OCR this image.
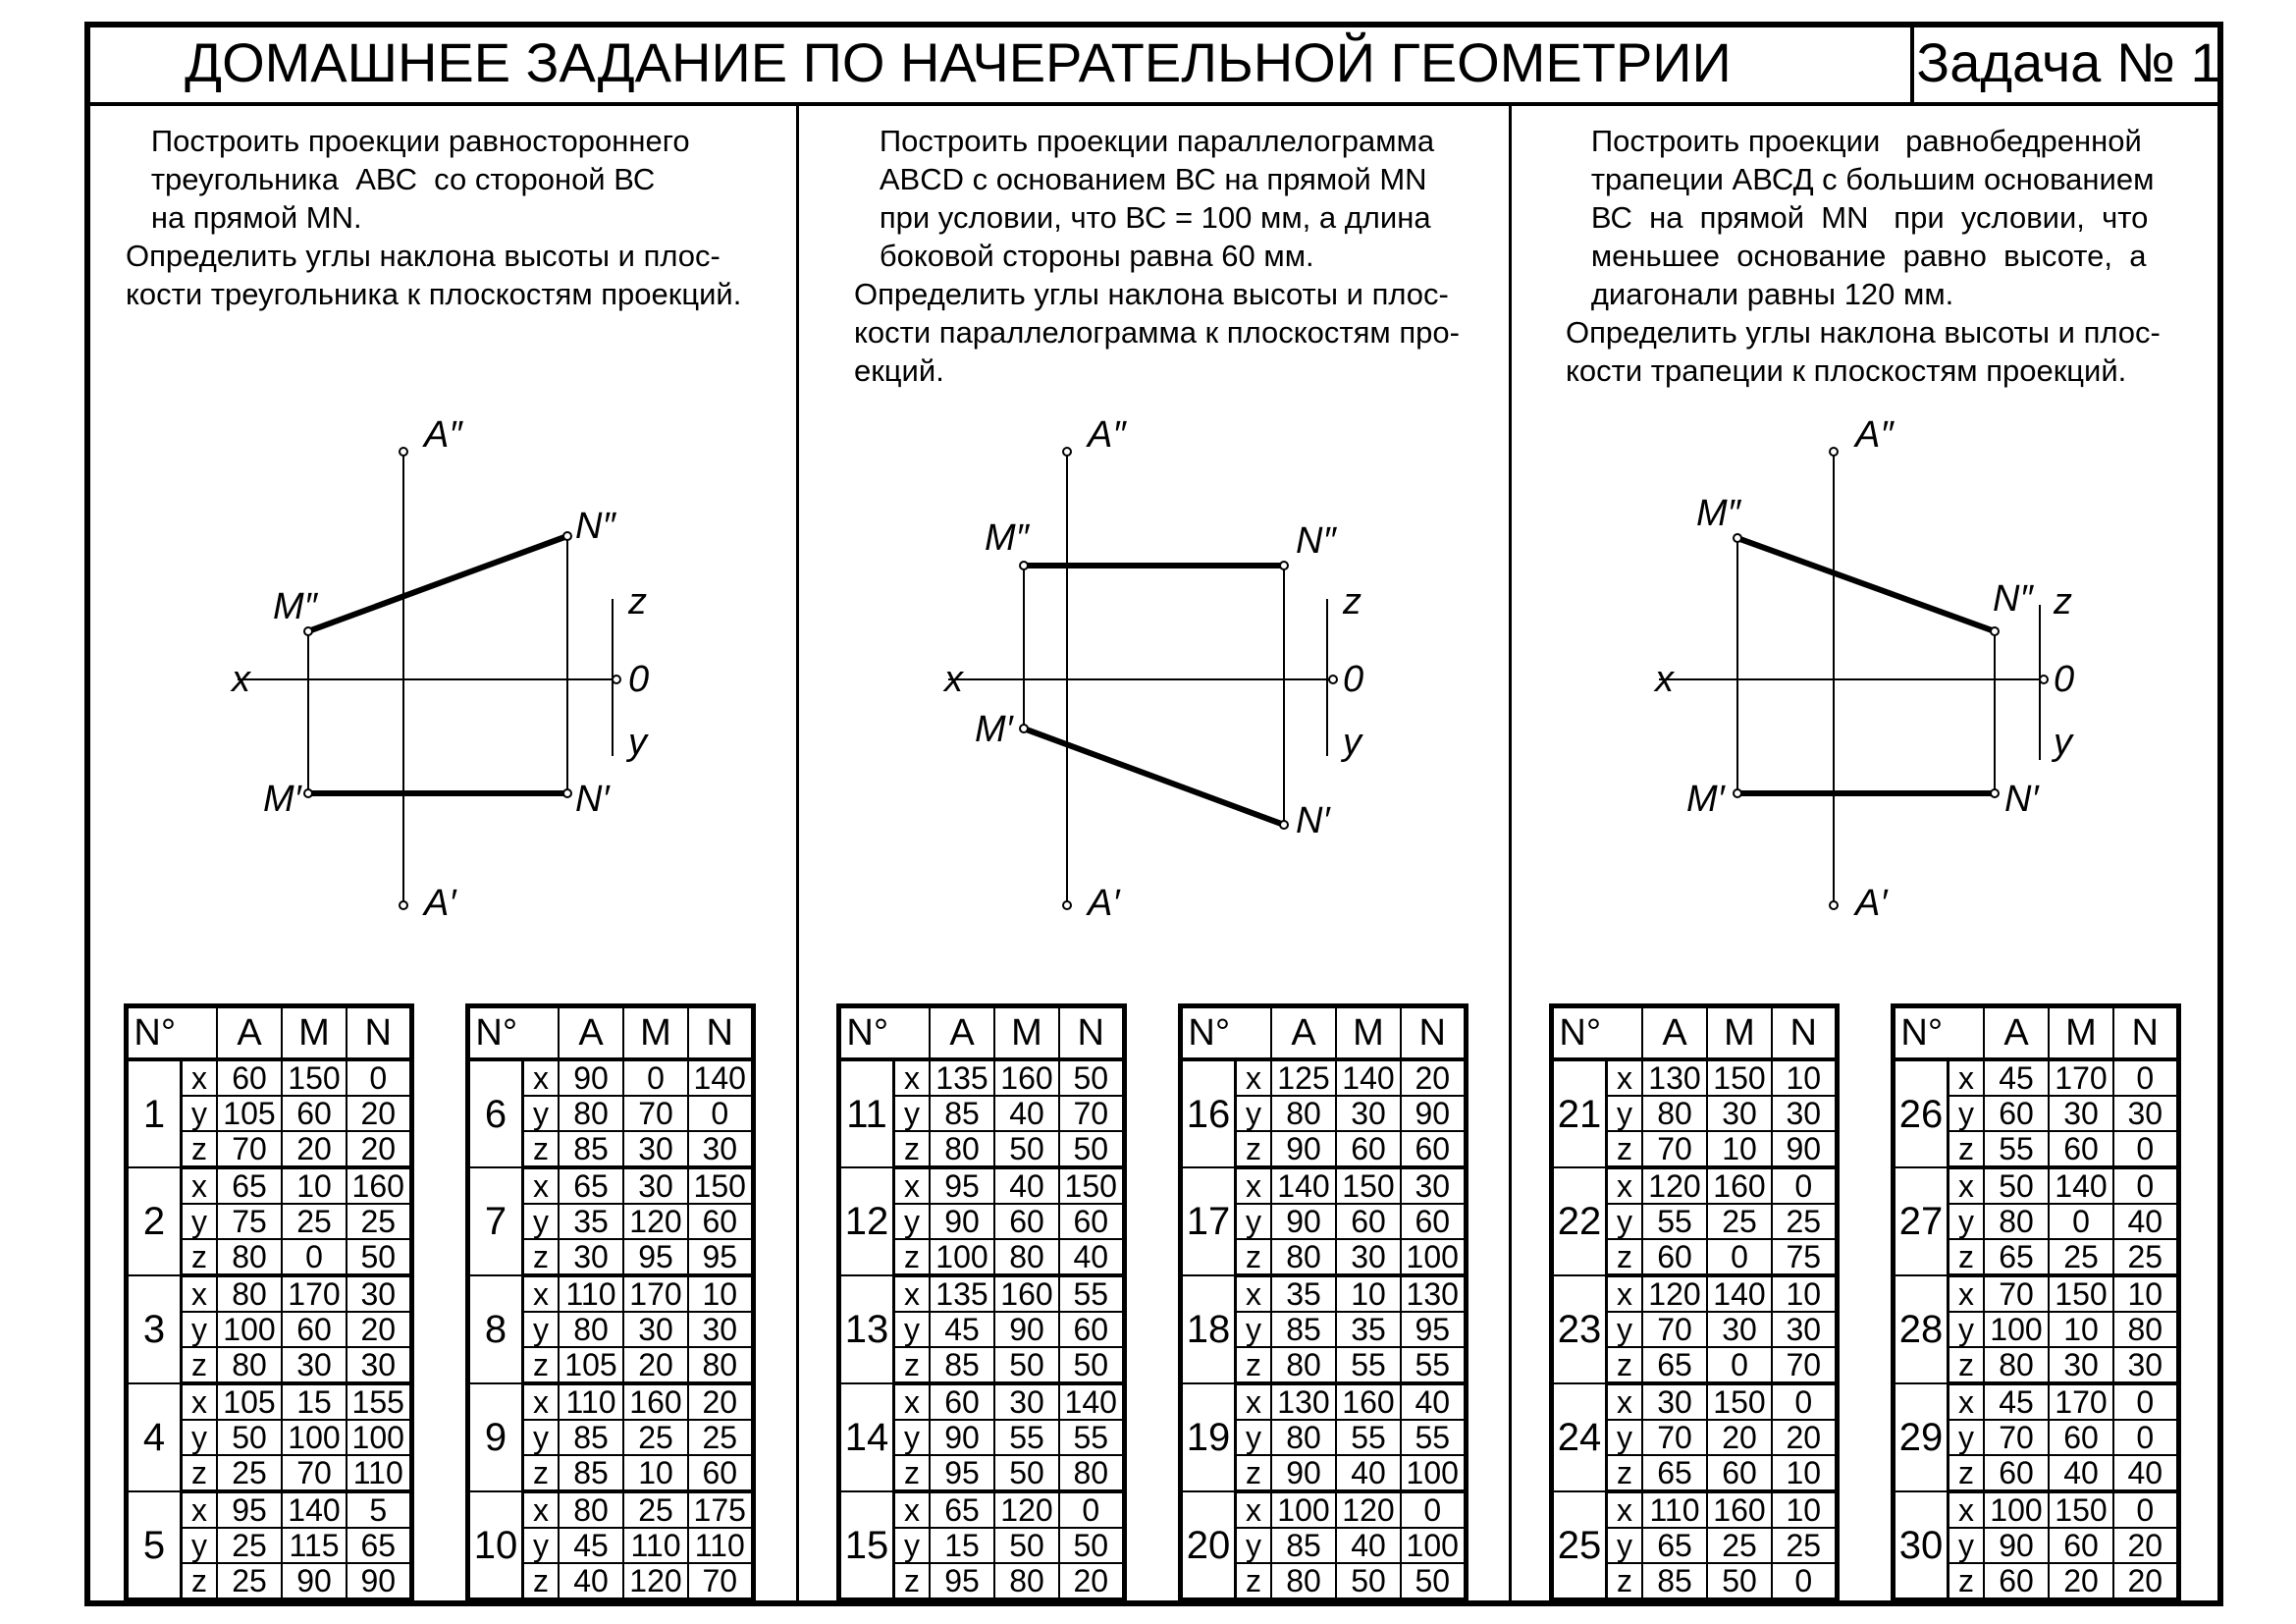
ДОМАШНЕЕ ЗАДАНИЕ ПО НАЧЕРАТЕЛЬНОЙ ГЕОМЕТРИИ	Задача № 1
Построить проекции равностороннего
треугольника  АВС  со стороной ВС
на прямой MN.
Определить углы наклона высоты и плос-
кости треугольника к плоскостям проекций.
A″
A′
M″
N″
M′	N′
x
z
0
y
N°		A	M	N
1	x	60	150	0
	y	105	60	20
	z	70	20	20
2	x	65	10	160
	y	75	25	25
	z	80	0	50
3	x	80	170	30
	y	100	60	20
	z	80	30	30
4	x	105	15	155
	y	50	100	100
	z	25	70	110
5	x	95	140	5
	y	25	115	65
	z	25	90	90
N°		A	M	N
6	x	90	0	140
	y	80	70	0
	z	85	30	30
7	x	65	30	150
	y	35	120	60
	z	30	95	95
8	x	110	170	10
	y	80	30	30
	z	105	20	80
9	x	110	160	20
	y	85	25	25
	z	85	10	60
10	x	80	25	175
	y	45	110	110
	z	40	120	70
Построить проекции параллелограмма
ABCD с основанием ВС на прямой MN
при условии, что ВС = 100 мм, а длина
боковой стороны равна 60 мм.
Определить углы наклона высоты и плос-
кости параллелограмма к плоскостям про-
екций.
A″
A′
M″	N″
M′
N′
x
z
0
y
N°		A	M	N
11	x	135	160	50
	y	85	40	70
	z	80	50	50
12	x	95	40	150
	y	90	60	60
	z	100	80	40
13	x	135	160	55
	y	45	90	60
	z	85	50	50
14	x	60	30	140
	y	90	55	55
	z	95	50	80
15	x	65	120	0
	y	15	50	50
	z	95	80	20
N°		A	M	N
16	x	125	140	20
	y	80	30	90
	z	90	60	60
17	x	140	150	30
	y	90	60	60
	z	80	30	100
18	x	35	10	130
	y	85	35	95
	z	80	55	55
19	x	130	160	40
	y	80	55	55
	z	90	40	100
20	x	100	120	0
	y	85	40	100
	z	80	50	50
Построить проекции   равнобедренной
трапеции АВСД с большим основанием
ВС  на  прямой  MN   при  условии,  что
меньшее  основание  равно  высоте,  а
диагонали равны 120 мм.
Определить углы наклона высоты и плос-
кости трапеции к плоскостям проекций.
A″
A′
M″
N″
M′	N′
x
z
0
y
N°		A	M	N
21	x	130	150	10
	y	80	30	30
	z	70	10	90
22	x	120	160	0
	y	55	25	25
	z	60	0	75
23	x	120	140	10
	y	70	30	30
	z	65	0	70
24	x	30	150	0
	y	70	20	20
	z	65	60	10
25	x	110	160	10
	y	65	25	25
	z	85	50	0
N°		A	M	N
26	x	45	170	0
	y	60	30	30
	z	55	60	0
27	x	50	140	0
	y	80	0	40
	z	65	25	25
28	x	70	150	10
	y	100	10	80
	z	80	30	30
29	x	45	170	0
	y	70	60	0
	z	60	40	40
30	x	100	150	0
	y	90	60	20
	z	60	20	20
